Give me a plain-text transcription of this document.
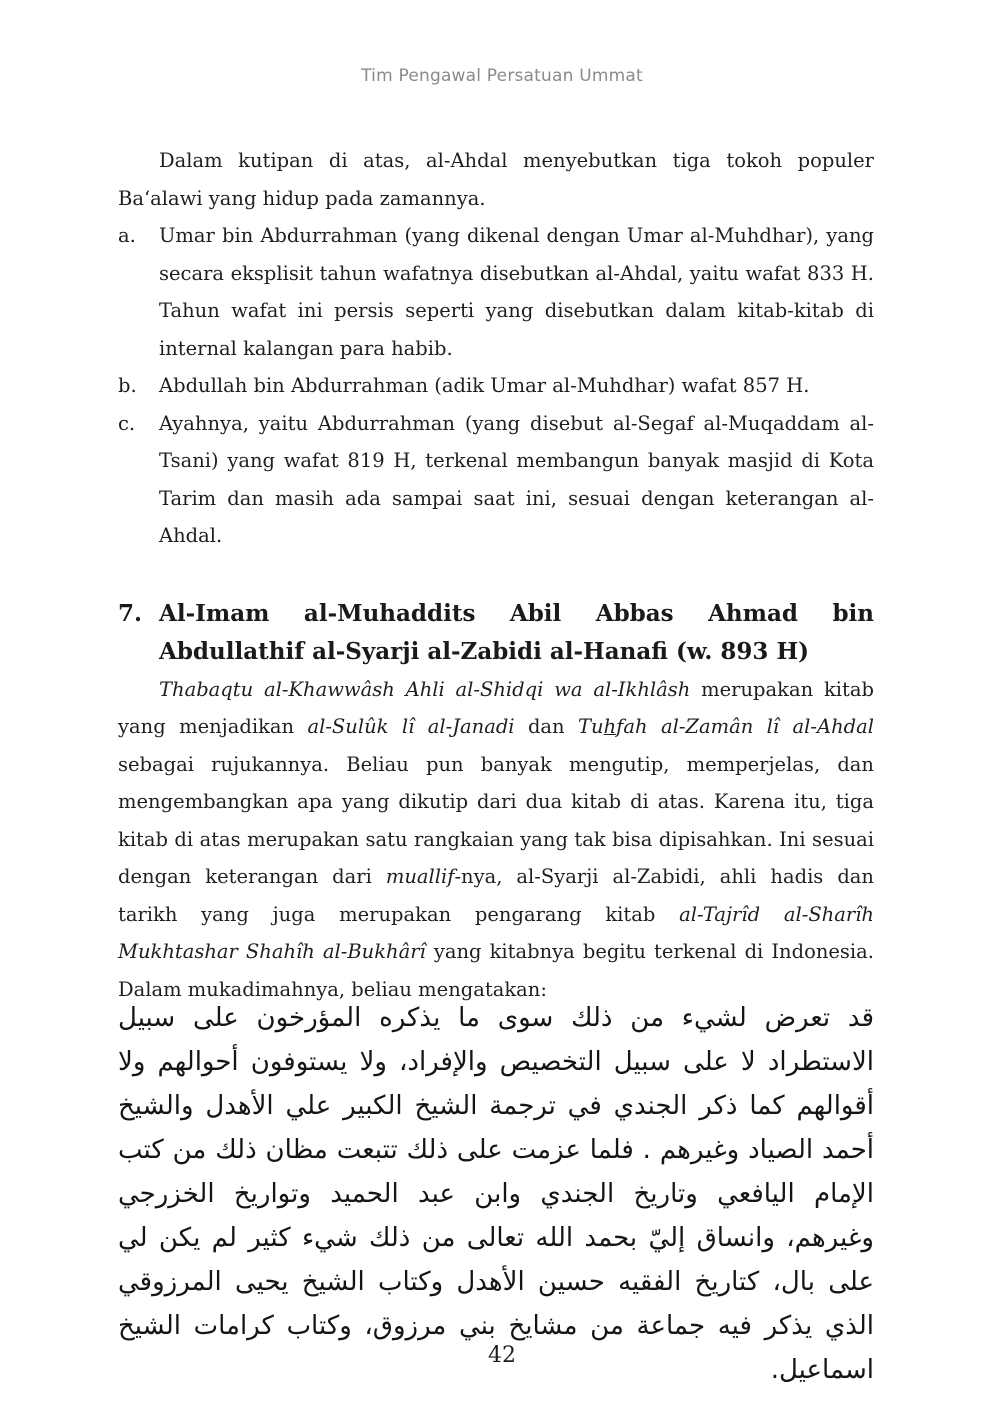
Tim Pengawal Persatuan Ummat

Dalam kutipan di atas, al-Ahdal menyebutkan tiga tokoh populer Ba‘alawi yang hidup pada zamannya.

a.	Umar bin Abdurrahman (yang dikenal dengan Umar al-Muhdhar), yang secara eksplisit tahun wafatnya disebutkan al-Ahdal, yaitu wafat 833 H. Tahun wafat ini persis seperti yang disebutkan dalam kitab-kitab di internal kalangan para habib.
b.	Abdullah bin Abdurrahman (adik Umar al-Muhdhar) wafat 857 H.
c.	Ayahnya, yaitu Abdurrahman (yang disebut al-Segaf al-Muqaddam al-Tsani) yang wafat 819 H, terkenal membangun banyak masjid di Kota Tarim dan masih ada sampai saat ini, sesuai dengan keterangan al-Ahdal.
7. Al-Imam al-Muhaddits Abil Abbas Ahmad bin Abdullathif al-Syarji al-Zabidi al-Hanafi (w. 893 H)

Thabaqtu al-Khawwâsh Ahli al-Shidqi wa al-Ikhlâsh merupakan kitab yang menjadikan al-Sulûk lî al-Janadi dan Tuhfah al-Zamân lî al-Ahdal sebagai rujukannya. Beliau pun banyak mengutip, memperjelas, dan mengembangkan apa yang dikutip dari dua kitab di atas. Karena itu, tiga kitab di atas merupakan satu rangkaian yang tak bisa dipisahkan. Ini sesuai dengan keterangan dari muallif-nya, al-Syarji al-Zabidi, ahli hadis dan tarikh yang juga merupakan pengarang kitab al-Tajrîd al-Sharîh Mukhtashar Shahîh al-Bukhârî yang kitabnya begitu terkenal di Indonesia. Dalam mukadimahnya, beliau mengatakan:

قد تعرض لشيء من ذلك سوى ما يذكره المؤرخون على سبيل الاستطراد لا على سبيل التخصيص والإفراد، ولا يستوفون أحوالهم ولا أقوالهم كما ذكر الجندي في ترجمة الشيخ الكبير علي الأهدل والشيخ أحمد الصياد وغيرهم . فلما عزمت على ذلك تتبعت مظان ذلك من كتب الإمام اليافعي وتاريخ الجندي وابن عبد الحميد وتواريخ الخزرجي وغيرهم، وانساق إليّ بحمد الله تعالى من ذلك شيء كثير لم يكن لي على بال، كتاريخ الفقيه حسين الأهدل وكتاب الشيخ يحيى المرزوقي الذي يذكر فيه جماعة من مشايخ بني مرزوق، وكتاب كرامات الشيخ اسماعيل.

42
